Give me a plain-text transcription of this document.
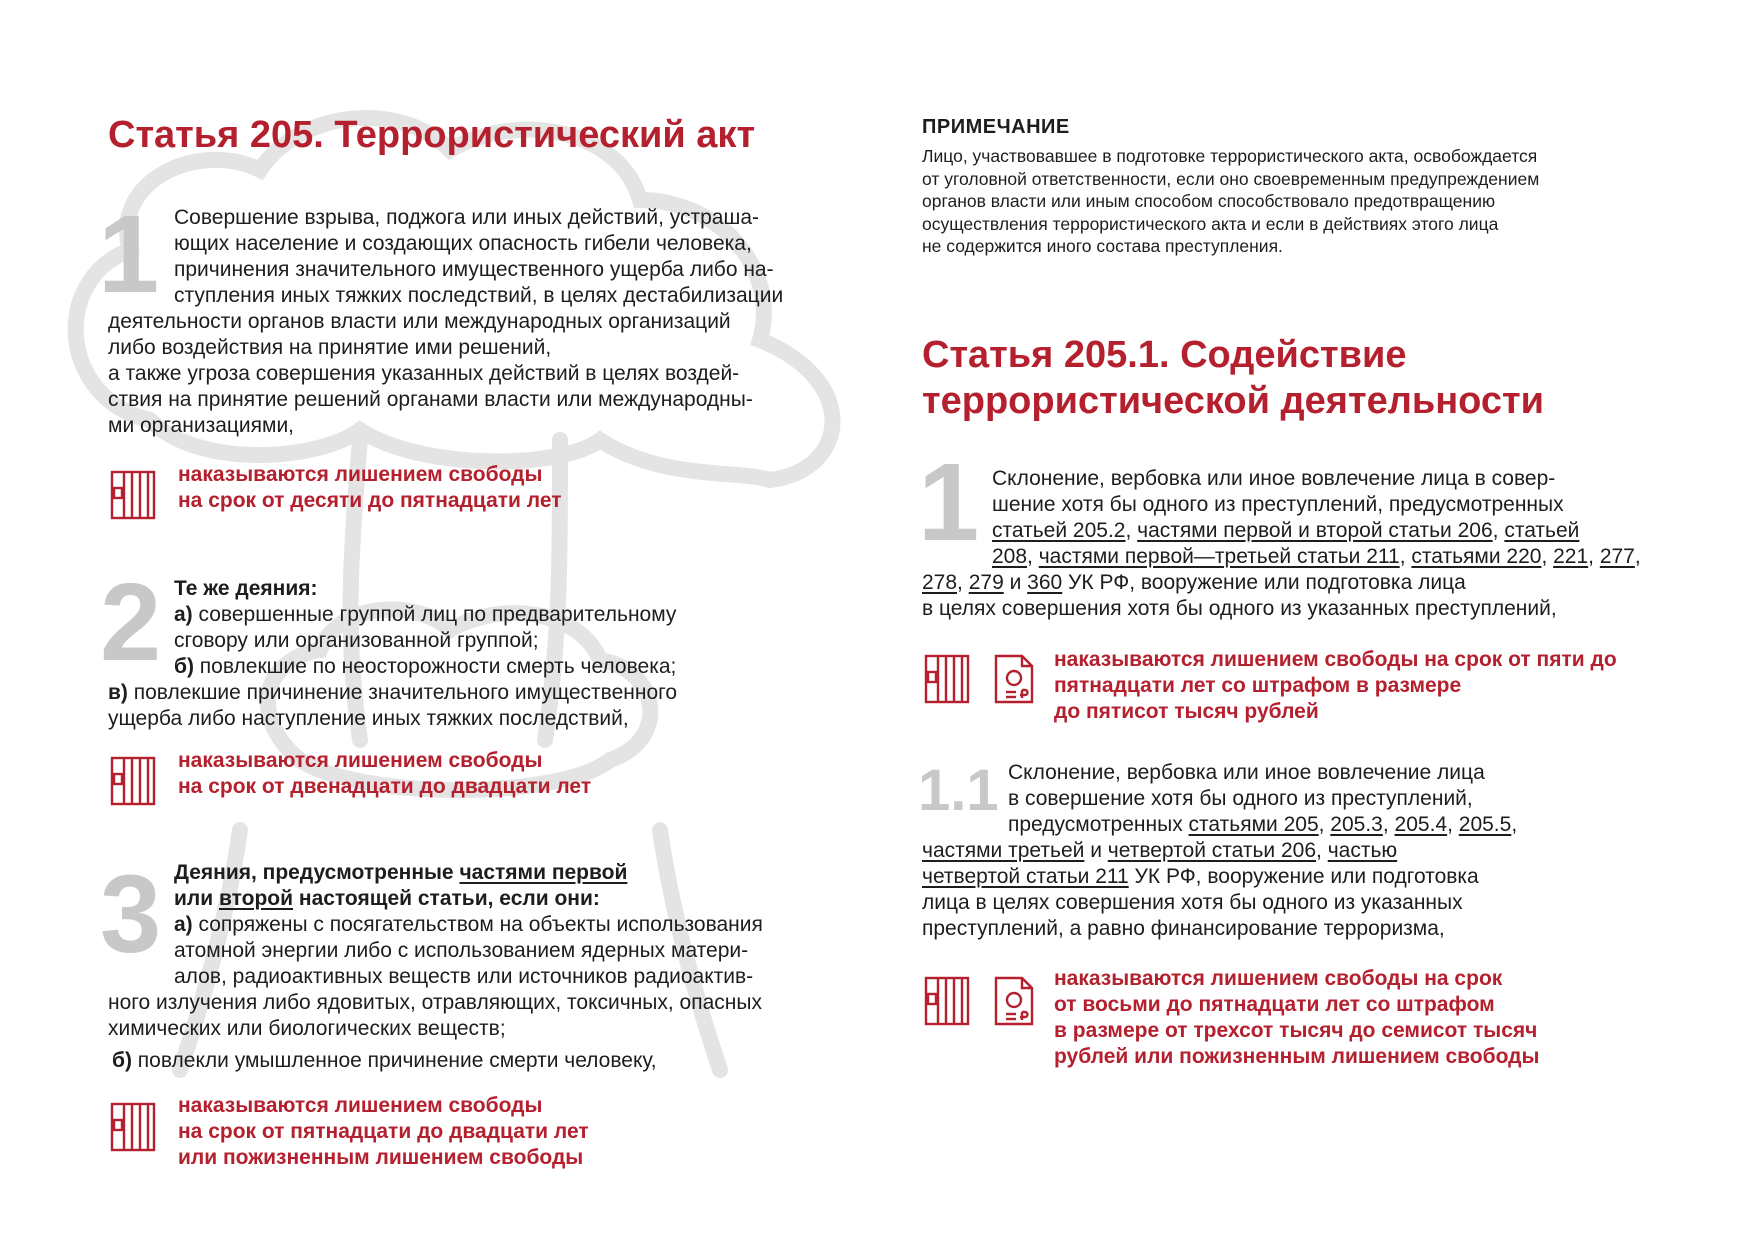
Статья 205. Террористический акт
1 Совершение взрыва, поджога или иных действий, устраша-

ющих население и создающих опасность гибели человека,

причинения значительного имущественного ущерба либо на-

ступления иных тяжких последствий, в целях дестабилизации

деятельности органов власти или международных организаций

либо воздействия на принятие ими решений,

а также угроза совершения указанных действий в целях воздей-

ствия на принятие решений органами власти или международны-

ми организациями,

наказываются лишением свободы

на срок от десяти до пятнадцати лет

2 Те же деяния:

а) совершенные группой лиц по предварительному

сговору или организованной группой;

б) повлекшие по неосторожности смерть человека;

в) повлекшие причинение значительного имущественного

ущерба либо наступление иных тяжких последствий,

наказываются лишением свободы

на срок от двенадцати до двадцати лет

3 Деяния, предусмотренные частями первой

или второй настоящей статьи, если они:

а) сопряжены с посягательством на объекты использования

атомной энергии либо с использованием ядерных матери-

алов, радиоактивных веществ или источников радиоактив-

ного излучения либо ядовитых, отравляющих, токсичных, опасных

химических или биологических веществ;

б) повлекли умышленное причинение смерти человеку,

наказываются лишением свободы

на срок от пятнадцати до двадцати лет

или пожизненным лишением свободы

ПРИМЕЧАНИЕ

Лицо, участвовавшее в подготовке террористического акта, освобождается

от уголовной ответственности, если оно своевременным предупреждением

органов власти или иным способом способствовало предотвращению

осуществления террористического акта и если в действиях этого лица

не содержится иного состава преступления.

Статья 205.1. Содействие

террористической деятельности

1 Склонение, вербовка или иное вовлечение лица в совер-

шение хотя бы одного из преступлений, предусмотренных

статьей 205.2, частями первой и второй статьи 206, статьей

208, частями первой—третьей статьи 211, статьями 220, 221, 277,

278, 279 и 360 УК РФ, вооружение или подготовка лица

в целях совершения хотя бы одного из указанных преступлений,

наказываются лишением свободы на срок от пяти до

пятнадцати лет со штрафом в размере

до пятисот тысяч рублей

1.1 Склонение, вербовка или иное вовлечение лица

в совершение хотя бы одного из преступлений,

предусмотренных статьями 205, 205.3, 205.4, 205.5,

частями третьей и четвертой статьи 206, частью

четвертой статьи 211 УК РФ, вооружение или подготовка

лица в целях совершения хотя бы одного из указанных

преступлений, а равно финансирование терроризма,

наказываются лишением свободы на срок

от восьми до пятнадцати лет со штрафом

в размере от трехсот тысяч до семисот тысяч

рублей или пожизненным лишением свободы
